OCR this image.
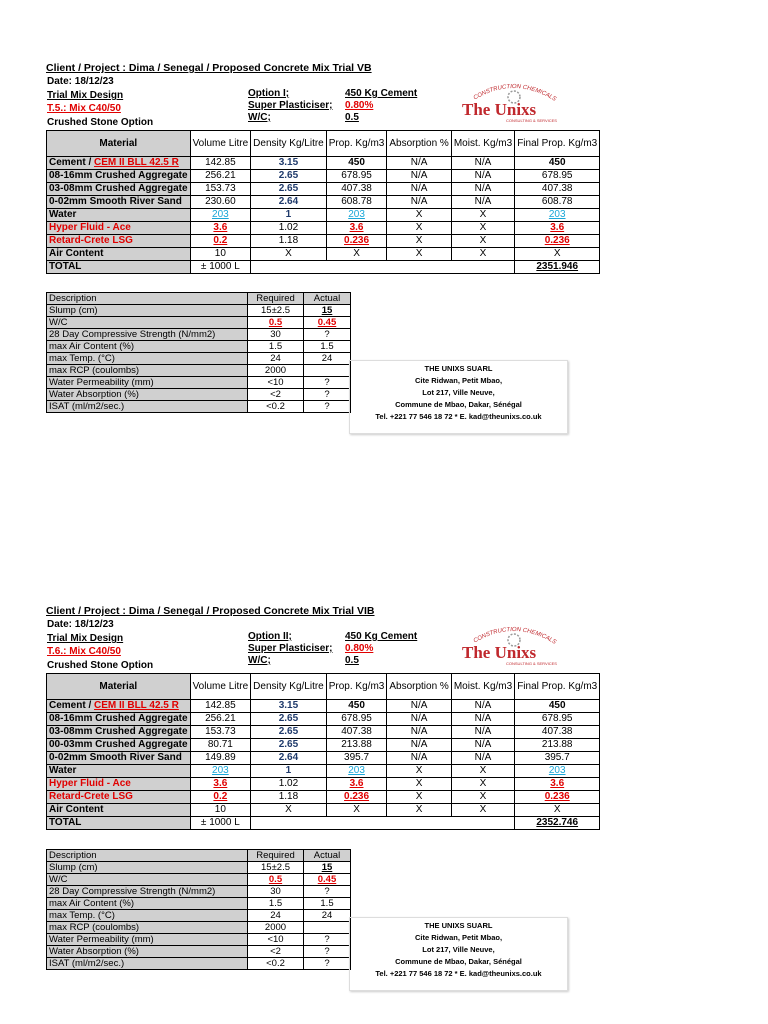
Client / Project : Dima / Senegal / Proposed Concrete Mix Trial VB
Date: 18/12/23
Trial Mix Design
T.5.: Mix C40/50
Crushed Stone Option
Option I;	450 Kg Cement
Super Plasticiser;	0.80%
W/C;	0.5
CONSTRUCTION CHEMICALS
The Unixs
CONSULTING & SERVICES
Material	Volume Litre	Density Kg/Litre	Prop. Kg/m3	Absorption %	Moist. Kg/m3	Final Prop. Kg/m3
Cement / CEM II BLL 42.5 R	142.85	3.15	450	N/A	N/A	450
08-16mm Crushed Aggregate	256.21	2.65	678.95	N/A	N/A	678.95
03-08mm Crushed Aggregate	153.73	2.65	407.38	N/A	N/A	407.38
0-02mm Smooth River Sand	230.60	2.64	608.78	N/A	N/A	608.78
Water	203	1	203	X	X	203
Hyper Fluid - Ace	3.6	1.02	3.6	X	X	3.6
Retard-Crete LSG	0.2	1.18	0.236	X	X	0.236
Air Content	10	X	X	X	X	X
TOTAL	± 1000 L					2351.946
Description	Required	Actual
Slump (cm)	15±2.5	15
W/C	0.5	0.45
28 Day Compressive Strength (N/mm2)	30	?
max Air Content (%)	1.5	1.5
max Temp. (°C)	24	24
max RCP (coulombs)	2000	
Water Permeability (mm)	<10	?
Water Absorption (%)	<2	?
ISAT (ml/m2/sec.)	<0.2	?
THE UNIXS SUARL
Cite Ridwan, Petit Mbao,
Lot 217, Ville Neuve,
Commune de Mbao, Dakar, Sénégal
Tel. +221 77 546 18 72 * E. kad@theunixs.co.uk
Client / Project : Dima / Senegal / Proposed Concrete Mix Trial VIB
Date: 18/12/23
Trial Mix Design
T.6.: Mix C40/50
Crushed Stone Option
Option II;	450 Kg Cement
Super Plasticiser;	0.80%
W/C;	0.5
CONSTRUCTION CHEMICALS
The Unixs
CONSULTING & SERVICES
Material	Volume Litre	Density Kg/Litre	Prop. Kg/m3	Absorption %	Moist. Kg/m3	Final Prop. Kg/m3
Cement / CEM II BLL 42.5 R	142.85	3.15	450	N/A	N/A	450
08-16mm Crushed Aggregate	256.21	2.65	678.95	N/A	N/A	678.95
03-08mm Crushed Aggregate	153.73	2.65	407.38	N/A	N/A	407.38
00-03mm Crushed Aggregate	80.71	2.65	213.88	N/A	N/A	213.88
0-02mm Smooth River Sand	149.89	2.64	395.7	N/A	N/A	395.7
Water	203	1	203	X	X	203
Hyper Fluid - Ace	3.6	1.02	3.6	X	X	3.6
Retard-Crete LSG	0.2	1.18	0.236	X	X	0.236
Air Content	10	X	X	X	X	X
TOTAL	± 1000 L					2352.746
Description	Required	Actual
Slump (cm)	15±2.5	15
W/C	0.5	0.45
28 Day Compressive Strength (N/mm2)	30	?
max Air Content (%)	1.5	1.5
max Temp. (°C)	24	24
max RCP (coulombs)	2000	
Water Permeability (mm)	<10	?
Water Absorption (%)	<2	?
ISAT (ml/m2/sec.)	<0.2	?
THE UNIXS SUARL
Cite Ridwan, Petit Mbao,
Lot 217, Ville Neuve,
Commune de Mbao, Dakar, Sénégal
Tel. +221 77 546 18 72 * E. kad@theunixs.co.uk
